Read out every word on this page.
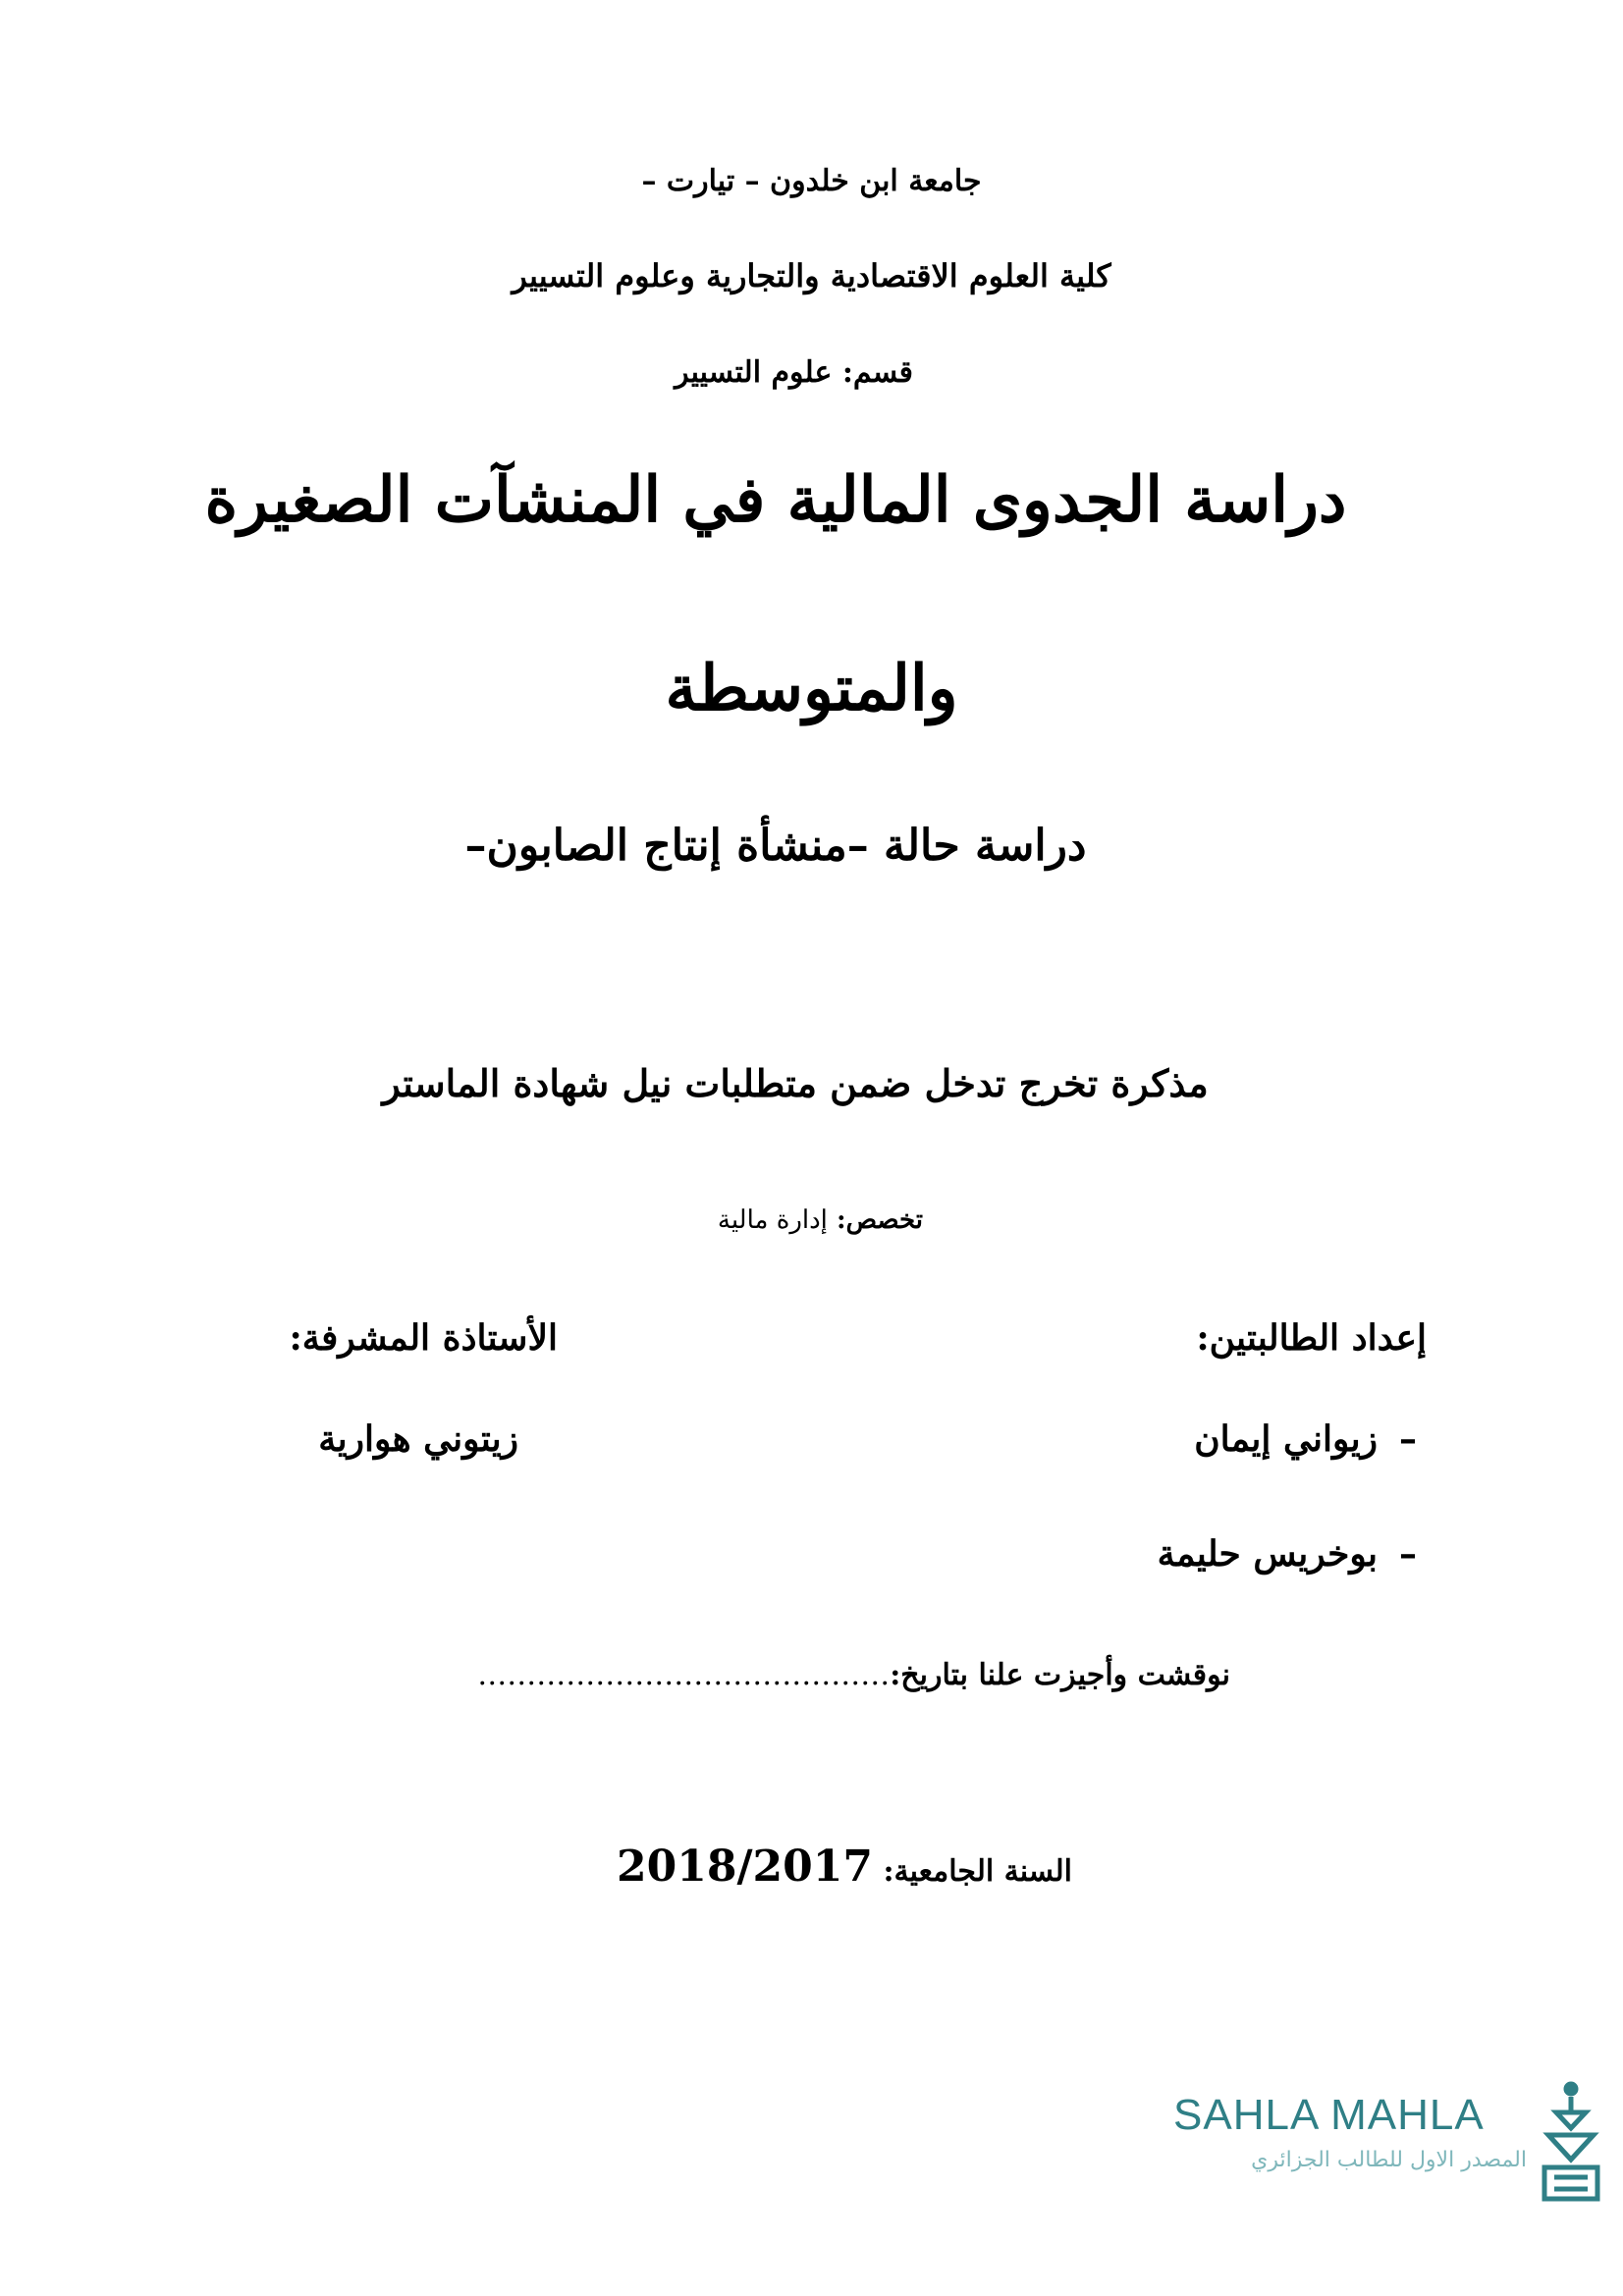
جامعة ابن خلدون – تيارت –
كلية العلوم الاقتصادية والتجارية وعلوم التسيير
قسم: علوم التسيير
دراسة الجدوى المالية في المنشآت الصغيرة
والمتوسطة
دراسة حالة –منشأة إنتاج الصابون–
مذكرة تخرج تدخل ضمن متطلبات نيل شهادة الماستر
تخصص: إدارة مالية
إعداد الطالبتين:
الأستاذة المشرفة:
–زيواني إيمان
زيتوني هوارية
–بوخريس حليمة
نوقشت وأجيزت علنا بتاريخ:……………………………………
السنة الجامعية: 2018/2017
SAHLA MAHLA
المصدر الاول للطالب الجزائري
